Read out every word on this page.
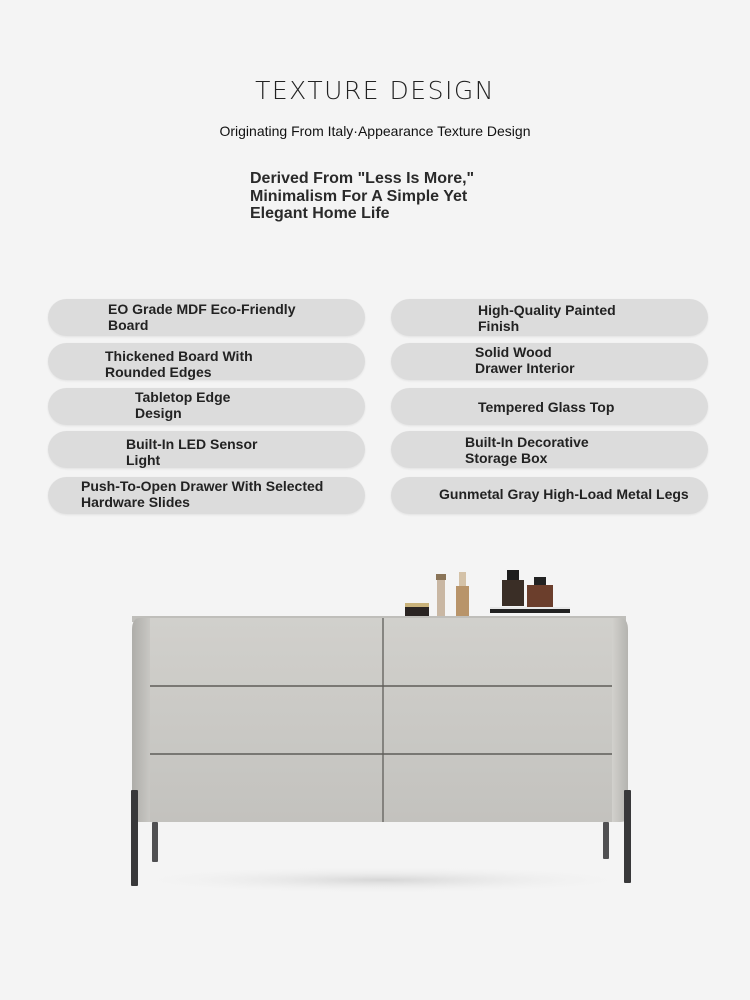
TEXTURE DESIGN
Originating From Italy·Appearance Texture Design
Derived From "Less Is More,"
Minimalism For A Simple Yet
Elegant Home Life
EO Grade MDF Eco-Friendly
Board
Thickened Board With
Rounded Edges
Tabletop Edge
Design
Built-In LED Sensor
Light
Push-To-Open Drawer With Selected
Hardware Slides
High-Quality Painted
Finish
Solid Wood
Drawer Interior
Tempered Glass Top
Built-In Decorative
Storage Box
Gunmetal Gray High-Load Metal Legs
